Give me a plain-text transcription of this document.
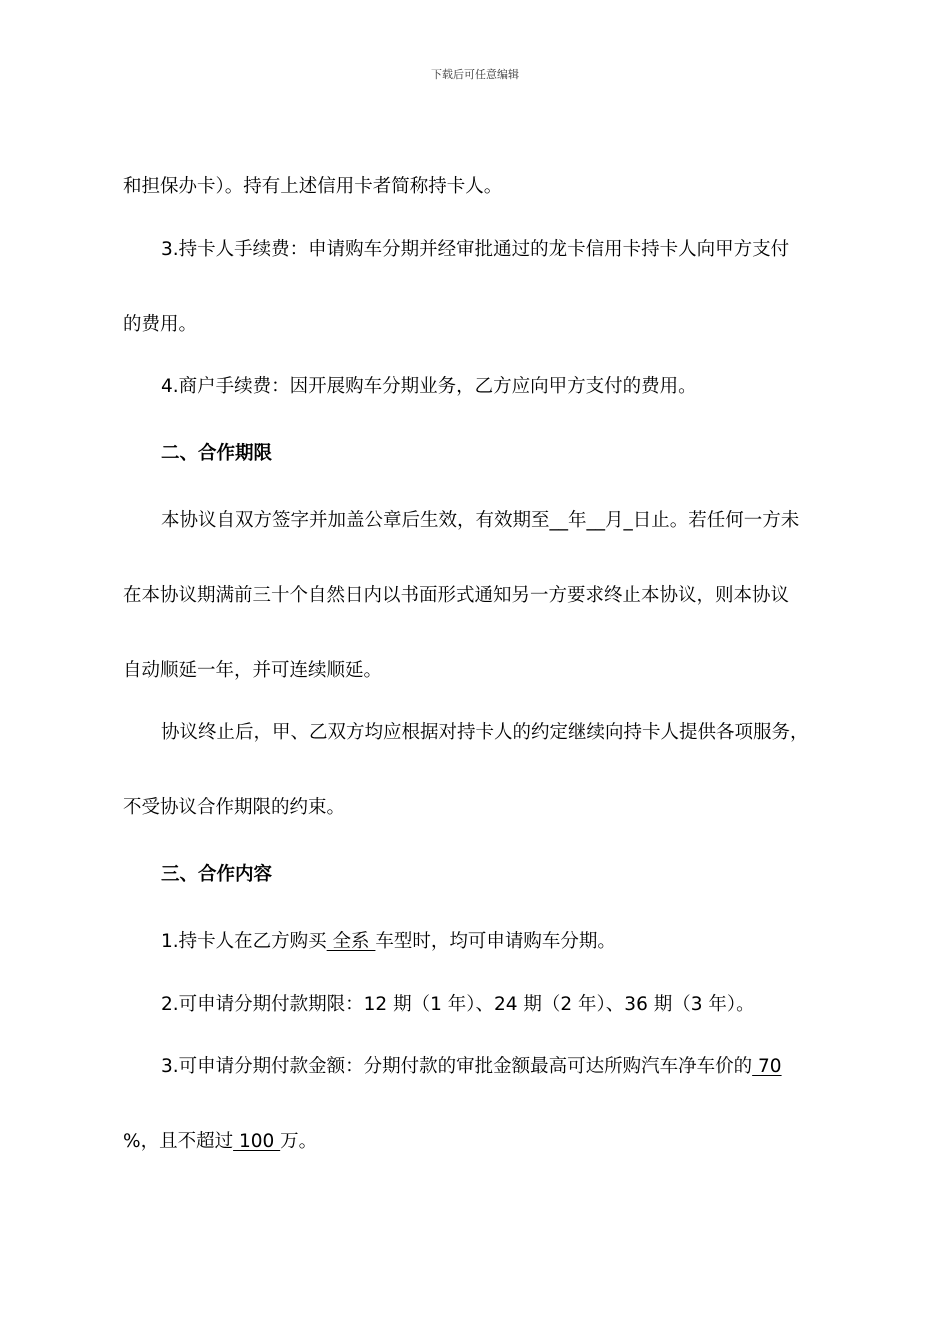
下载后可任意编辑
和担保办卡）。持有上述信用卡者简称持卡人。
3.持卡人手续费：申请购车分期并经审批通过的龙卡信用卡持卡人向甲方支付
的费用。
4.商户手续费：因开展购车分期业务，乙方应向甲方支付的费用。
二、合作期限
本协议自双方签字并加盖公章后生效，有效期至__年__月_日止。若任何一方未
在本协议期满前三十个自然日内以书面形式通知另一方要求终止本协议，则本协议
自动顺延一年，并可连续顺延。
协议终止后，甲、乙双方均应根据对持卡人的约定继续向持卡人提供各项服务，
不受协议合作期限的约束。
三、合作内容
1.持卡人在乙方购买 全系 车型时，均可申请购车分期。
2.可申请分期付款期限：12 期（1 年）、24 期（2 年）、36 期（3 年）。
3.可申请分期付款金额：分期付款的审批金额最高可达所购汽车净车价的 70
%，且不超过 100 万。
